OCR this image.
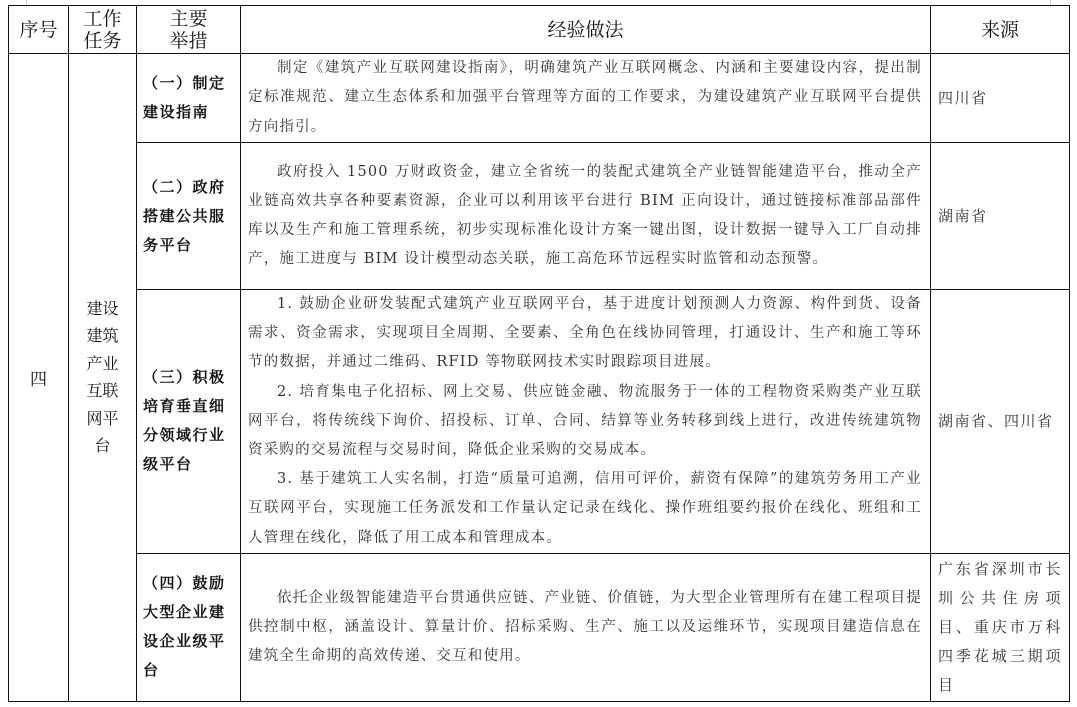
序号	工作任务	主要举措	经验做法	来源
四	建设建筑产业互联网平台	（一）制定建设指南	制定《建筑产业互联网建设指南》，明确建筑产业互联网概念、内涵和主要建设内容，提出制定标准规范、建立生态体系和加强平台管理等方面的工作要求，为建设建筑产业互联网平台提供方向指引。	四川省
		（二）政府搭建公共服务平台	政府投入 1500 万财政资金，建立全省统一的装配式建筑全产业链智能建造平台，推动全产业链高效共享各种要素资源，企业可以利用该平台进行 BIM 正向设计，通过链接标准部品部件库以及生产和施工管理系统，初步实现标准化设计方案一键出图，设计数据一键导入工厂自动排产，施工进度与 BIM 设计模型动态关联，施工高危环节远程实时监管和动态预警。	湖南省
		（三）积极培育垂直细分领域行业级平台	1. 鼓励企业研发装配式建筑产业互联网平台，基于进度计划预测人力资源、构件到货、设备需求、资金需求，实现项目全周期、全要素、全角色在线协同管理，打通设计、生产和施工等环节的数据，并通过二维码、RFID 等物联网技术实时跟踪项目进展。

2. 培育集电子化招标、网上交易、供应链金融、物流服务于一体的工程物资采购类产业互联网平台，将传统线下询价、招投标、订单、合同、结算等业务转移到线上进行，改进传统建筑物资采购的交易流程与交易时间，降低企业采购的交易成本。

3. 基于建筑工人实名制，打造“质量可追溯，信用可评价，薪资有保障”的建筑劳务用工产业互联网平台，实现施工任务派发和工作量认定记录在线化、操作班组要约报价在线化、班组和工人管理在线化，降低了用工成本和管理成本。	湖南省、四川省
		（四）鼓励大型企业建设企业级平台	依托企业级智能建造平台贯通供应链、产业链、价值链，为大型企业管理所有在建工程项目提供控制中枢，涵盖设计、算量计价、招标采购、生产、施工以及运维环节，实现项目建造信息在建筑全生命期的高效传递、交互和使用。	广东省深圳市长圳公共住房项目、重庆市万科四季花城三期项目
